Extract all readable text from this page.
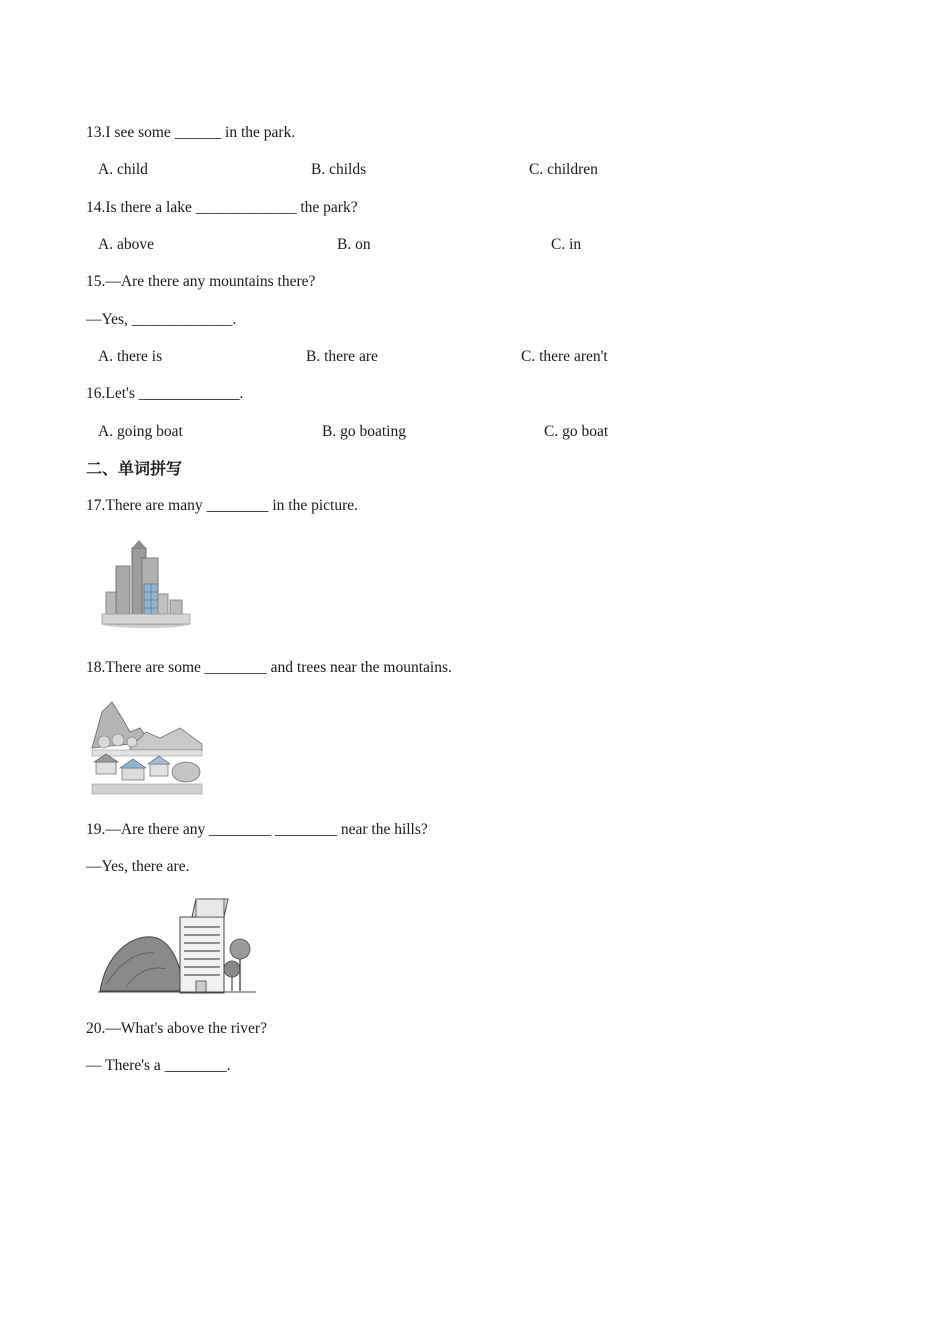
13.I see some ______ in the park.
A. child	B. childs	C. children
14.Is there a lake _____________ the park?
A. above	B. on	C. in
15.—Are there any mountains there?
—Yes, _____________.
A. there is	B. there are	C. there aren't
16.Let's _____________.
A. going boat	B. go boating	C. go boat
二、单词拼写
17.There are many ________ in the picture.
18.There are some ________ and trees near the mountains.
19.—Are there any ________ ________ near the hills?
—Yes, there are.
20.—What's above the river?
— There's a ________.
